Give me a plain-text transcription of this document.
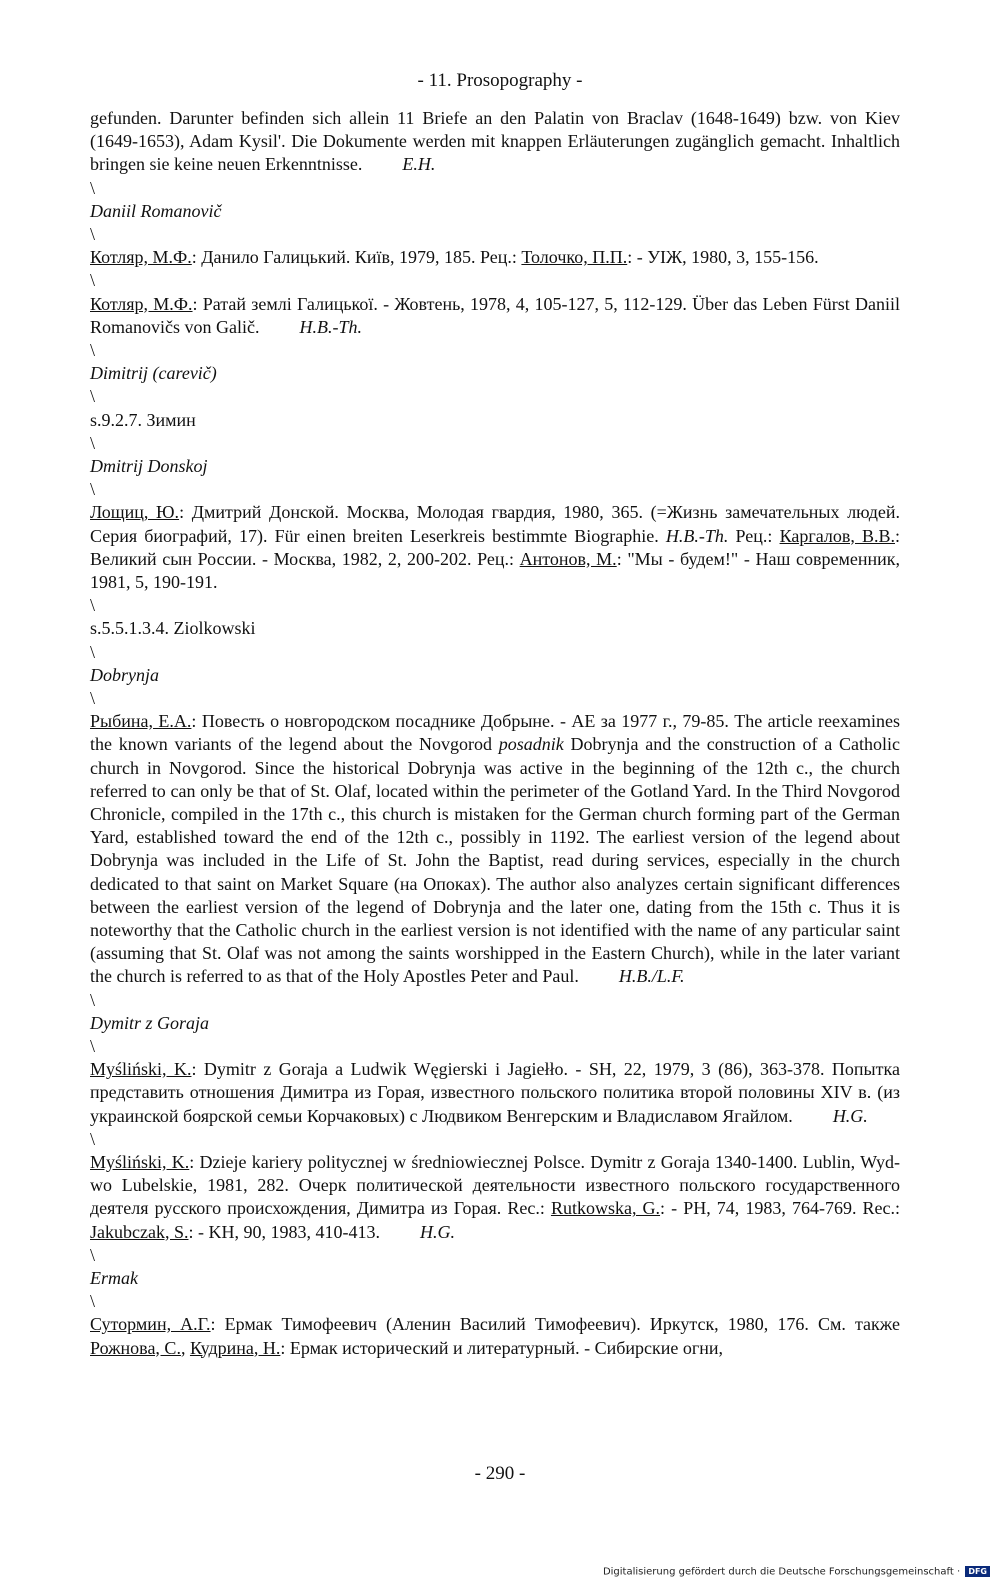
- 11. Prosopography -

gefunden. Darunter befinden sich allein 11 Briefe an den Palatin von Braclav (1648-1649) bzw. von Kiev (1649-1653), Adam Kysil'. Die Dokumente werden mit knappen Erläuterungen zugänglich gemacht. Inhaltlich bringen sie keine neuen Erkenntnisse. E.H.

\

Daniil Romanovič

\

Котляр, М.Ф.: Данило Галицький. Київ, 1979, 185. Рец.: Толочко, П.П.: - УІЖ, 1980, 3, 155-156.

\

Котляр, М.Ф.: Ратай землі Галицької. - Жовтень, 1978, 4, 105-127, 5, 112-129. Über das Leben Fürst Daniil Romanovičs von Galič. H.B.-Th.

\

Dimitrij (carevič)

\

s.9.2.7. Зимин

\

Dmitrij Donskoj

\

Лощиц, Ю.: Дмитрий Донской. Москва, Молодая гвардия, 1980, 365. (=Жизнь замечательных людей. Серия биографий, 17). Für einen breiten Leserkreis bestimmte Biographie. H.B.-Th. Рец.: Каргалов, В.В.: Великий сын России. - Москва, 1982, 2, 200-202. Рец.: Антонов, М.: "Мы - будем!" - Наш современник, 1981, 5, 190-191.

\

s.5.5.1.3.4. Ziolkowski

\

Dobrynja

\

Рыбина, Е.А.: Повесть о новгородском посаднике Добрыне. - АЕ за 1977 г., 79-85. The article reexamines the known variants of the legend about the Novgorod posadnik Dobrynja and the construction of a Catholic church in Novgorod. Since the historical Dobrynja was active in the beginning of the 12th c., the church referred to can only be that of St. Olaf, located within the perimeter of the Gotland Yard. In the Third Novgorod Chronicle, compiled in the 17th c., this church is mistaken for the German church forming part of the German Yard, established toward the end of the 12th c., possibly in 1192. The earliest version of the legend about Dobrynja was included in the Life of St. John the Baptist, read during services, especially in the church dedicated to that saint on Market Square (на Опоках). The author also analyzes certain significant differences between the earliest version of the legend of Dobrynja and the later one, dating from the 15th c. Thus it is noteworthy that the Catholic church in the earliest version is not identified with the name of any particular saint (assuming that St. Olaf was not among the saints worshipped in the Eastern Church), while in the later variant the church is referred to as that of the Holy Apostles Peter and Paul. H.B./L.F.

\

Dymitr z Goraja

\

Myśliński, K.: Dymitr z Goraja a Ludwik Węgierski i Jagiełło. - SH, 22, 1979, 3 (86), 363-378. Попытка представить отношения Димитра из Горая, известного польского политика второй половины XIV в. (из украинской боярской семьи Корчаковых) с Людвиком Венгерским и Владиславом Ягайлом. H.G.

\

Myśliński, K.: Dzieje kariery politycznej w średniowiecznej Polsce. Dymitr z Goraja 1340-1400. Lublin, Wyd-wo Lubelskie, 1981, 282. Очерк политической деятельности известного польского государственного деятеля русского происхождения, Димитра из Горая. Rec.: Rutkowska, G.: - PH, 74, 1983, 764-769. Rec.: Jakubczak, S.: - KH, 90, 1983, 410-413. H.G.

\

Ermak

\

Сутормин, А.Г.: Ермак Тимофеевич (Аленин Василий Тимофеевич). Иркутск, 1980, 176. См. также Рожнова, С., Кудрина, Н.: Ермак исторический и литературный. - Сибирские огни,

- 290 -
Digitalisierung gefördert durch die Deutsche Forschungsgemeinschaft · DFG
